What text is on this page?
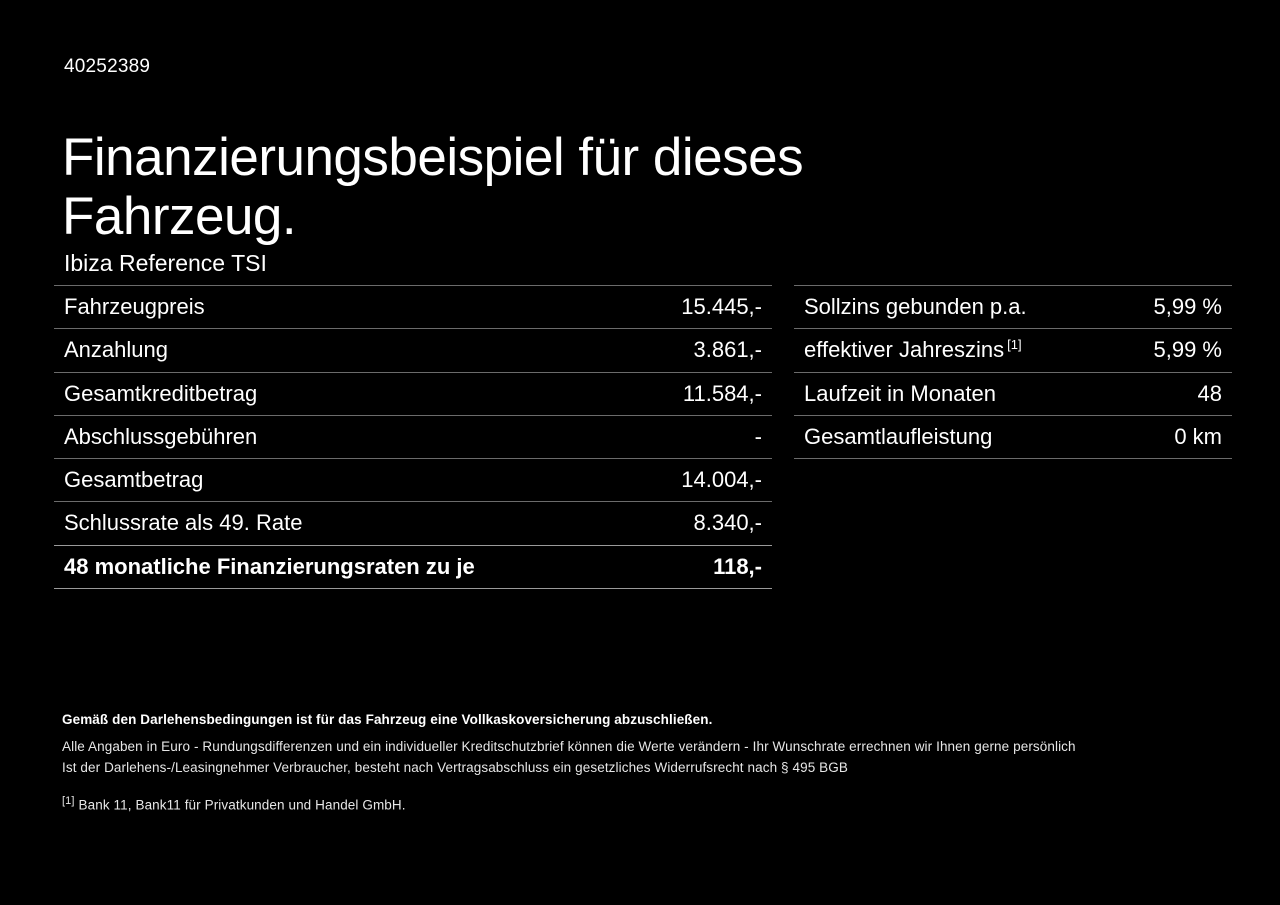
40252389
Finanzierungsbeispiel für dieses Fahrzeug.
Ibiza Reference TSI
Fahrzeugpreis	15.445,-
Anzahlung	3.861,-
Gesamtkreditbetrag	11.584,-
Abschlussgebühren	-
Gesamtbetrag	14.004,-
Schlussrate als 49. Rate	8.340,-
48 monatliche Finanzierungsraten zu je	118,-
Sollzins gebunden p.a.	5,99 %
effektiver Jahreszins [1]	5,99 %
Laufzeit in Monaten	48
Gesamtlaufleistung	0 km
Gemäß den Darlehensbedingungen ist für das Fahrzeug eine Vollkaskoversicherung abzuschließen.
Alle Angaben in Euro - Rundungsdifferenzen und ein individueller Kreditschutzbrief können die Werte verändern - Ihr Wunschrate errechnen wir Ihnen gerne persönlich
Ist der Darlehens-/Leasingnehmer Verbraucher, besteht nach Vertragsabschluss ein gesetzliches Widerrufsrecht nach § 495 BGB
[1] Bank 11, Bank11 für Privatkunden und Handel GmbH.
